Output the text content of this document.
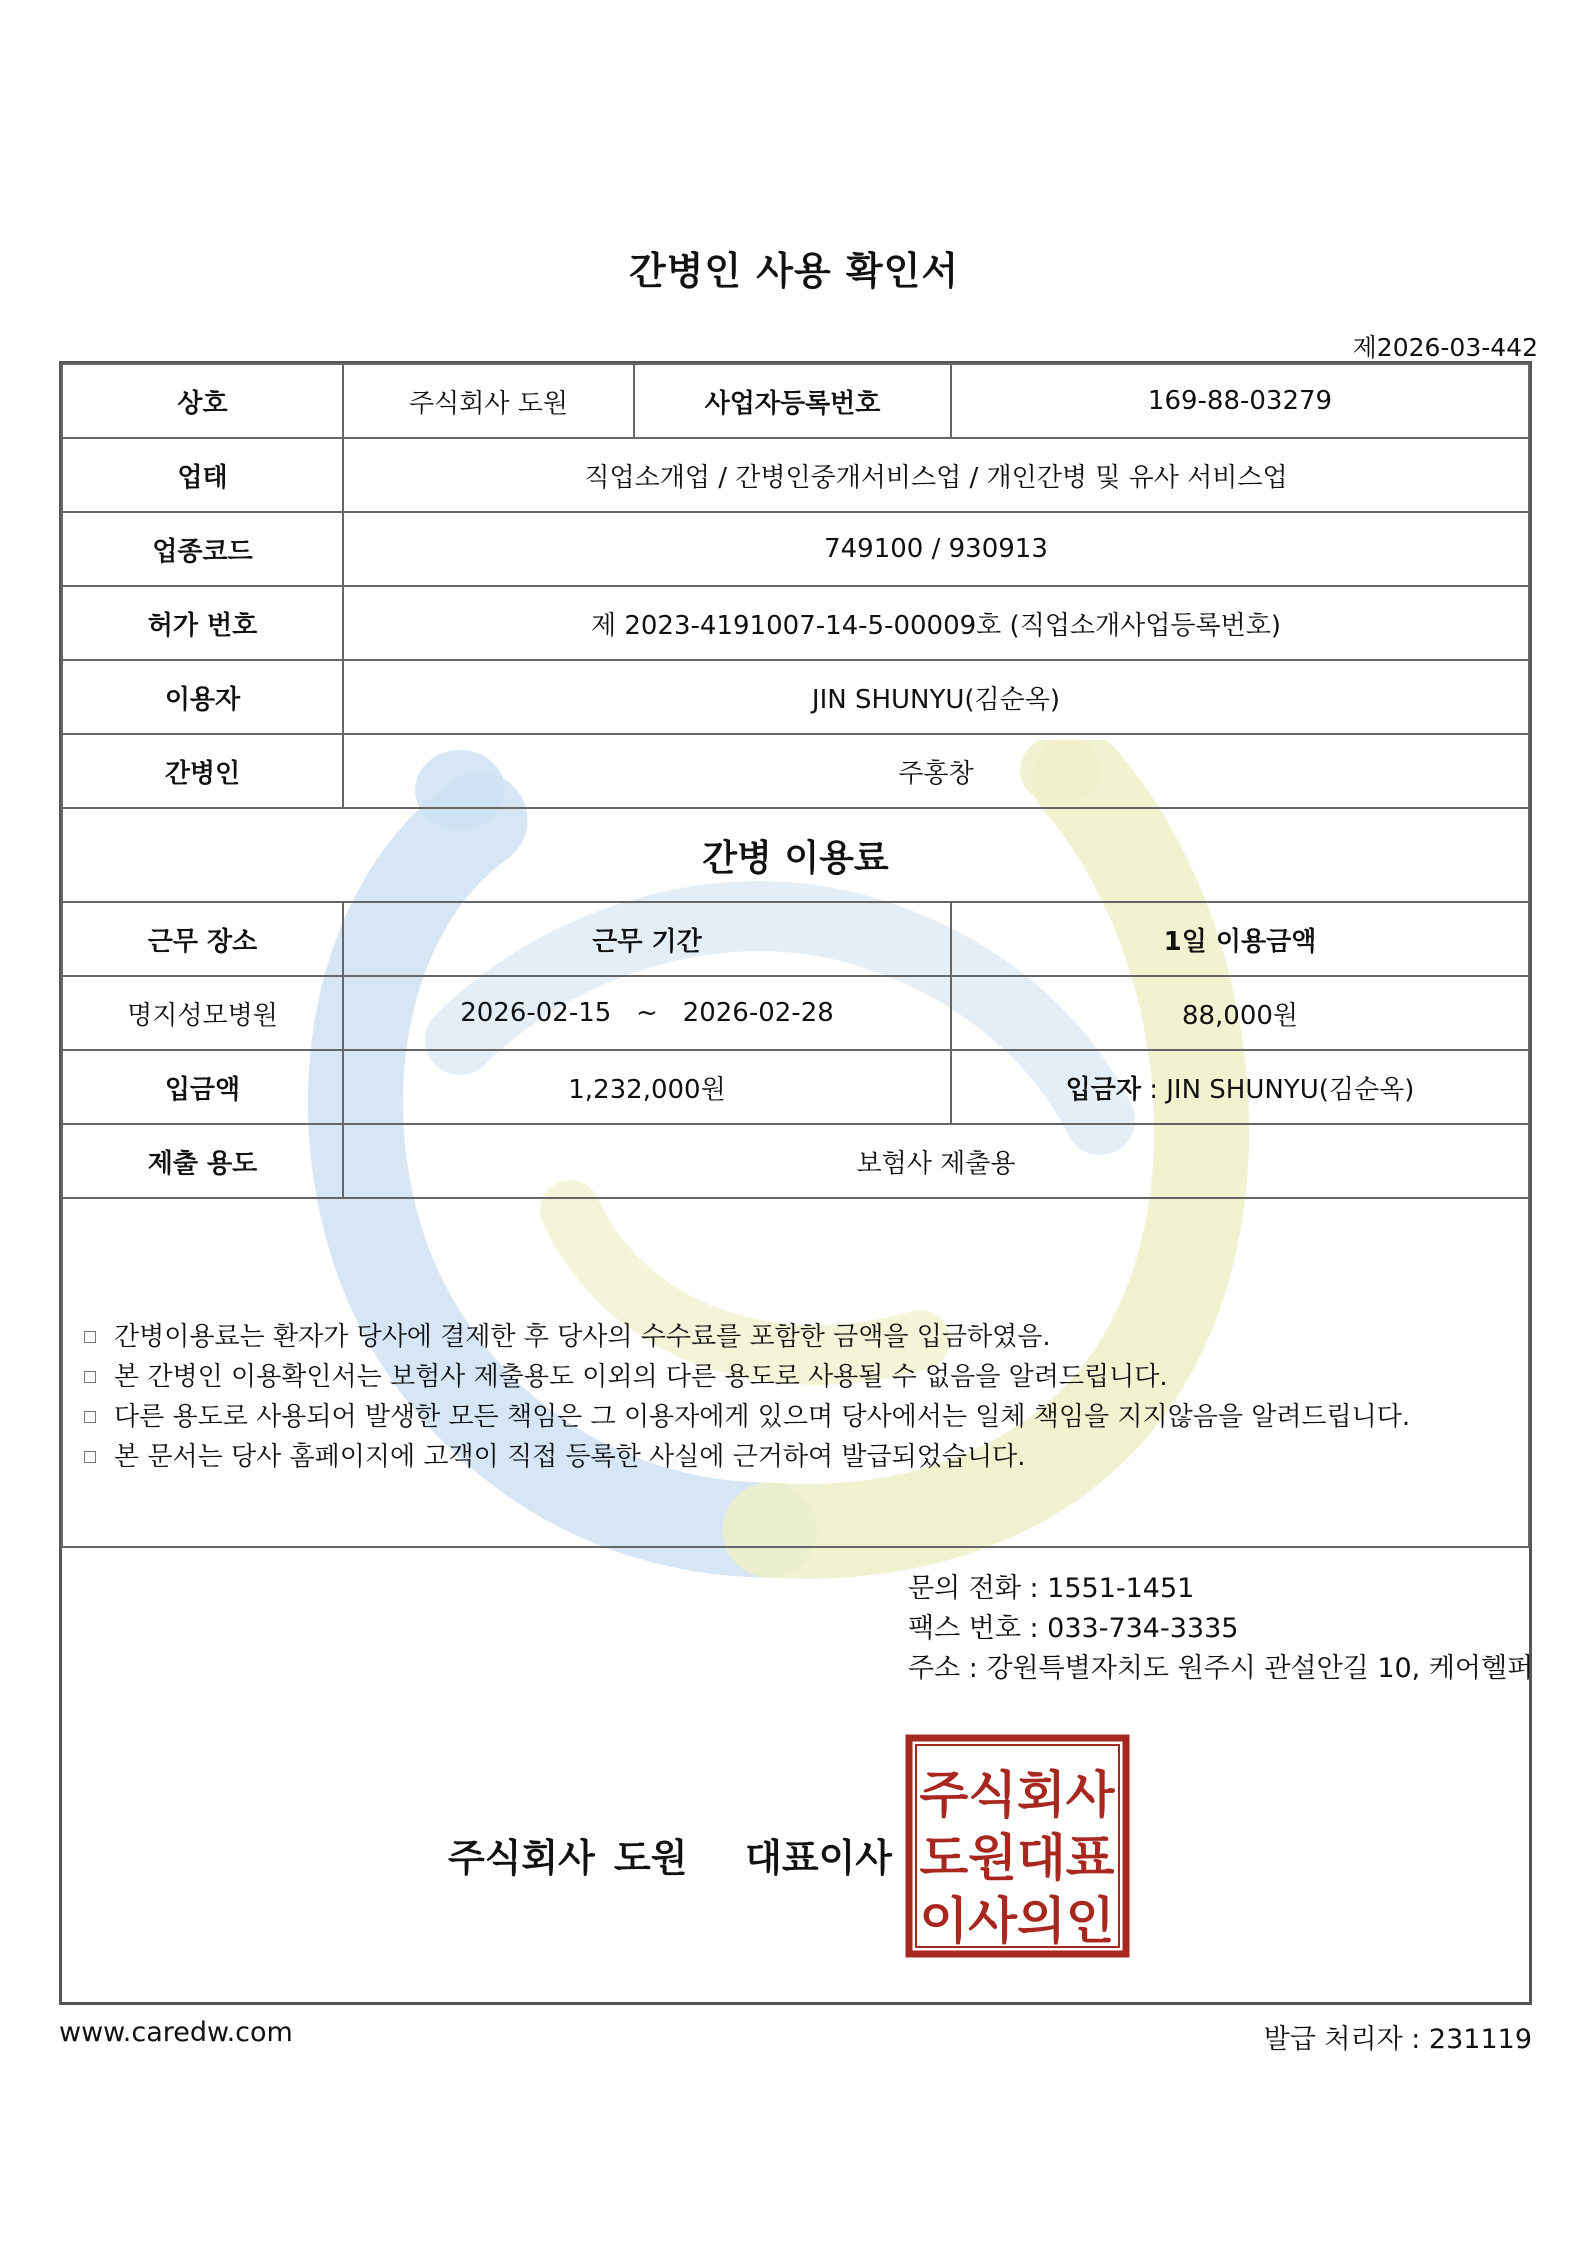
간병인 사용 확인서
제2026-03-442
상호	주식회사 도원	사업자등록번호	169-88-03279
업태	직업소개업 / 간병인중개서비스업 / 개인간병 및 유사 서비스업
업종코드	749100 / 930913
허가 번호	제 2023-4191007-14-5-00009호 (직업소개사업등록번호)
이용자	JIN SHUNYU(김순옥)
간병인	주홍창
간병 이용료
근무 장소	근무 기간	1일 이용금액
명지성모병원	2026-02-15   ~   2026-02-28	88,000원
입금액	1,232,000원	입금자 : JIN SHUNYU(김순옥)
제출 용도	보험사 제출용
간병이용료는 환자가 당사에 결제한 후 당사의 수수료를 포함한 금액을 입금하였음.
본 간병인 이용확인서는 보험사 제출용도 이외의 다른 용도로 사용될 수 없음을 알려드립니다.
다른 용도로 사용되어 발생한 모든 책임은 그 이용자에게 있으며 당사에서는 일체 책임을 지지않음을 알려드립니다.
본 문서는 당사 홈페이지에 고객이 직접 등록한 사실에 근거하여 발급되었습니다.
문의 전화 : 1551-1451
팩스 번호 : 033-734-3335
주소 : 강원특별자치도 원주시 관설안길 10, 케어헬퍼
주식회사 도원   대표이사
주식회사
도원대표
이사의인
www.caredw.com	발급 처리자 : 231119
